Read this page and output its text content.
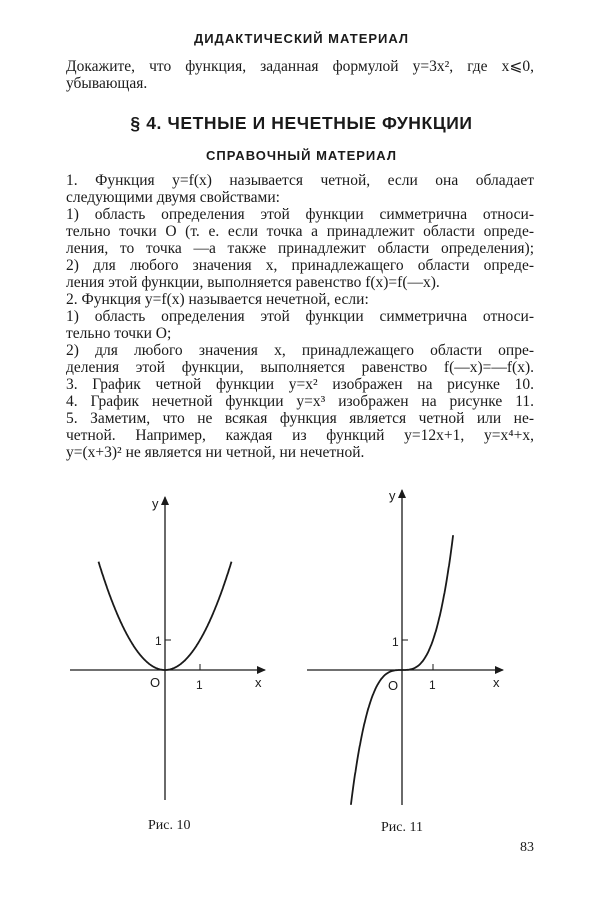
ДИДАКТИЧЕСКИЙ МАТЕРИАЛ
Докажите, что функция, заданная формулой y=3x², где x⩽0,
убывающая.
§ 4. ЧЕТНЫЕ И НЕЧЕТНЫЕ ФУНКЦИИ
СПРАВОЧНЫЙ МАТЕРИАЛ
1. Функция y=f(x) называется четной, если она обладает
следующими двумя свойствами:
1) область определения этой функции симметрична относи-
тельно точки O (т. е. если точка a принадлежит области опреде-
ления, то точка —a также принадлежит области определения);
2) для любого значения x, принадлежащего области опреде-
ления этой функции, выполняется равенство f(x)=f(—x).
2. Функция y=f(x) называется нечетной, если:
1) область определения этой функции симметрична относи-
тельно точки O;
2) для любого значения x, принадлежащего области опре-
деления этой функции, выполняется равенство f(—x)=—f(x).
3. График четной функции y=x² изображен на рисунке 10.
4. График нечетной функции y=x³ изображен на рисунке 11.
5. Заметим, что не всякая функция является четной или не-
четной. Например, каждая из функций y=12x+1, y=x⁴+x,
y=(x+3)² не является ни четной, ни нечетной.
y
x
O	1
1
y
x
O	1
1
Рис. 10	Рис. 11
83
